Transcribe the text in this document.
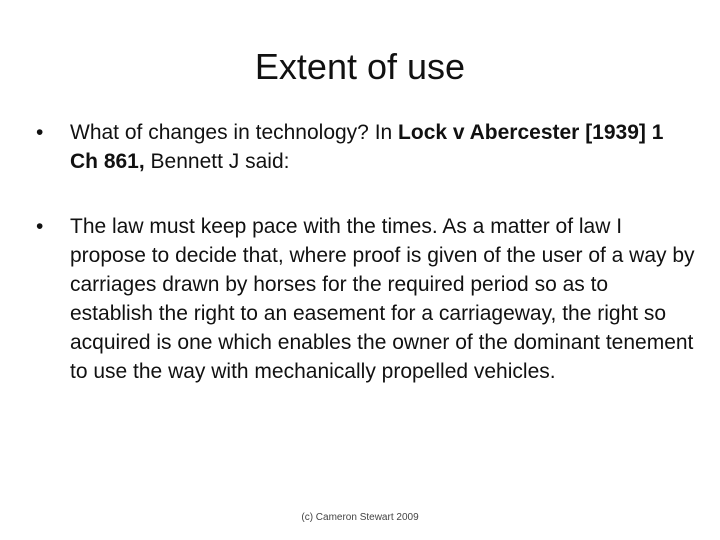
Extent of use
•	What of changes in technology? In Lock v Abercester [1939] 1 Ch 861, Bennett J said:
•	The law must keep pace with the times. As a matter of law I propose to decide that, where proof is given of the user of a way by carriages drawn by horses for the required period so as to establish the right to an easement for a carriageway, the right so acquired is one which enables the owner of the dominant tenement to use the way with mechanically propelled vehicles.
(c) Cameron Stewart 2009
